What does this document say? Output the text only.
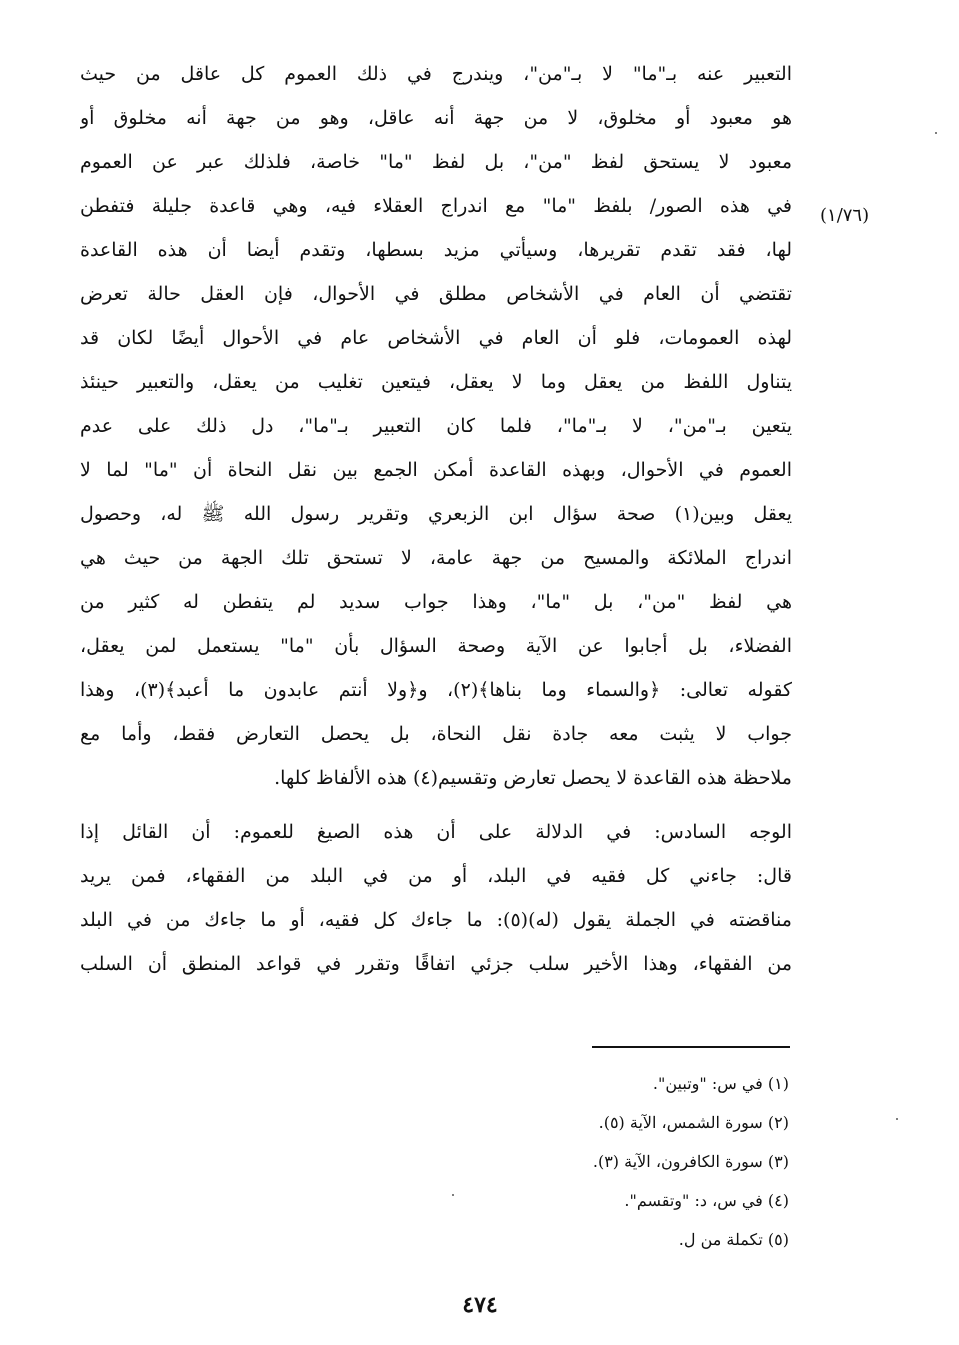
(١/٧٦)
التعبير عنه بـ"ما" لا بـ"من"، ويندرج في ذلك العموم كل عاقل من حيث
هو معبود أو مخلوق، لا من جهة أنه عاقل، وهو من جهة أنه مخلوق أو
معبود لا يستحق لفظ "من"، بل لفظ "ما" خاصة، فلذلك عبر عن العموم
في هذه الصور/ بلفظ "ما" مع اندراج العقلاء فيه، وهي قاعدة جليلة فتفطن
لها، فقد تقدم تقريرها، وسيأتي مزيد بسطها، وتقدم أيضا أن هذه القاعدة
تقتضي أن العام في الأشخاص مطلق في الأحوال، فإن العقل حالة تعرض
لهذه العمومات، فلو أن العام في الأشخاص عام في الأحوال أيضًا لكان قد
يتناول اللفظ من يعقل وما لا يعقل، فيتعين تغليب من يعقل، والتعبير حينئذ
يتعين بـ"من"، لا بـ"ما"، فلما كان التعبير بـ"ما"، دل ذلك على عدم
العموم في الأحوال، وبهذه القاعدة أمكن الجمع بين نقل النحاة أن "ما" لما لا
يعقل وبين(١) صحة سؤال ابن الزبعري وتقرير رسول الله ﷺ له، وحصول
اندراج الملائكة والمسيح من جهة عامة، لا تستحق تلك الجهة من حيث هي
هي لفظ "من"، بل "ما"، وهذا جواب سديد لم يتفطن له كثير من
الفضلاء، بل أجابوا عن الآية وصحة السؤال بأن "ما" يستعمل لمن يعقل،
كقوله تعالى: ﴿والسماء وما بناها﴾(٢)، و﴿ولا أنتم عابدون ما أعبد﴾(٣)، وهذا
جواب لا يثبت معه جادة نقل النحاة، بل يحصل التعارض فقط، وأما مع
ملاحظة هذه القاعدة لا يحصل تعارض وتقسيم(٤) هذه الألفاظ كلها.
الوجه السادس: في الدلالة على أن هذه الصيغ للعموم: أن القائل إذا
قال: جاءني كل فقيه في البلد، أو من في البلد من الفقهاء، فمن يريد
مناقضته في الجملة يقول (له)(٥): ما جاءك كل فقيه، أو ما جاءك من في البلد
من الفقهاء، وهذا الأخير سلب جزئي اتفاقًا وتقرر في قواعد المنطق أن السلب
(١) في س: "وتبين".
(٢) سورة الشمس، الآية (٥).
(٣) سورة الكافرون، الآية (٣).
(٤) في س، د: "وتقسم".
(٥) تكملة من ل.
٤٧٤
